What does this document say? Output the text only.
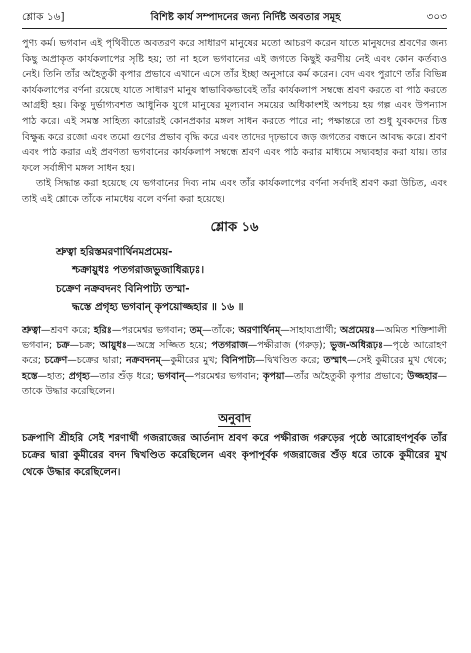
শ্লোক ১৬]	বিশিষ্ট কার্য সম্পাদনের জন্য নির্দিষ্ট অবতার সমূহ	৩০৩

পুণ্য কর্ম। ভগবান এই পৃথিবীতে অবতরণ করে সাধারণ মানুষের মতো আচরণ করেন যাতে মানুষদের শ্রবণের জন্য কিছু অপ্রাকৃত কার্যকলাপের সৃষ্টি হয়; তা না হলে ভগবানের এই জগতে কিছুই করণীয় নেই এবং কোন কর্তব্যও নেই। তিনি তাঁর অহৈতুকী কৃপার প্রভাবে এখানে এসে তাঁর ইচ্ছা অনুসারে কর্ম করেন। বেদ এবং পুরাণে তাঁর বিভিন্ন কার্যকলাপের বর্ণনা রয়েছে যাতে সাধারণ মানুষ স্বাভাবিকভাবেই তাঁর কার্যকলাপ সম্বন্ধে শ্রবণ করতে বা পাঠ করতে আগ্রহী হয়। কিন্তু দুর্ভাগ্যবশত আধুনিক যুগে মানুষের মূল্যবান সময়ের অধিকাংশই অপচয় হয় গল্প এবং উপন্যাস পাঠ করে। এই সমস্ত সাহিত্য কারোরই কোনপ্রকার মঙ্গল সাধন করতে পারে না; পক্ষান্তরে তা শুধু যুবকদের চিত্ত বিক্ষুব্ধ করে রজো এবং তমো গুণের প্রভাব বৃদ্ধি করে এবং তাদের দৃঢ়ভাবে জড় জগতের বন্ধনে আবদ্ধ করে। শ্রবণ এবং পাঠ করার এই প্রবণতা ভগবানের কার্যকলাপ সম্বন্ধে শ্রবণ এবং পাঠ করার মাধ্যমে সদ্ব্যবহার করা যায়। তার ফলে সর্বাঙ্গীণ মঙ্গল সাধন হয়।

তাই সিদ্ধান্ত করা হয়েছে যে ভগবানের দিব্য নাম এবং তাঁর কার্যকলাপের বর্ণনা সর্বদাই শ্রবণ করা উচিত, এবং তাই এই শ্লোকে তাঁকে নামধেয় বলে বর্ণনা করা হয়েছে।

শ্লোক ১৬
শ্রুত্বা হরিস্তমরণার্থিনমপ্রমেয়-
শ্চক্রায়ুধঃ পতগরাজভুজাধিরূঢ়ঃ।
চক্রেণ নক্রবদনং বিনিপাট্য তস্মা-
দ্ধস্তে প্রগৃহ্য ভগবান্ কৃপয়োজ্জহার ॥ ১৬ ॥

শ্রুত্বা—শ্রবণ করে; হরিঃ—পরমেশ্বর ভগবান; তম্—তাঁকে; অরণার্থিনম্—সাহায্যপ্রার্থী; অপ্রমেয়ঃ—অমিত শক্তিশালী ভগবান; চক্র—চক্র; আয়ুধঃ—অস্ত্রে সজ্জিত হয়ে; পতগরাজ—পক্ষীরাজ (গরুড়); ভুজ-অধিরূঢ়ঃ—পৃষ্ঠে আরোহণ করে; চক্রেণ—চক্রের দ্বারা; নক্রবদনম্—কুমীরের মুখ; বিনিপাট্য—দ্বিখণ্ডিত করে; তস্মাৎ—সেই কুমীরের মুখ থেকে; হস্তে—হাত; প্রগৃহ্য—তার শুঁড় ধরে; ভগবান্—পরমেশ্বর ভগবান; কৃপয়া—তাঁর অহৈতুকী কৃপার প্রভাবে; উজ্জহার—তাকে উদ্ধার করেছিলেন।

অনুবাদ

চক্রপাণি শ্রীহরি সেই শরণার্থী গজরাজের আর্তনাদ শ্রবণ করে পক্ষীরাজ গরুড়ের পৃষ্ঠে আরোহণপূর্বক তাঁর চক্রের দ্বারা কুমীরের বদন দ্বিখণ্ডিত করেছিলেন এবং কৃপাপূর্বক গজরাজের শুঁড় ধরে তাকে কুমীরের মুখ থেকে উদ্ধার করেছিলেন।
